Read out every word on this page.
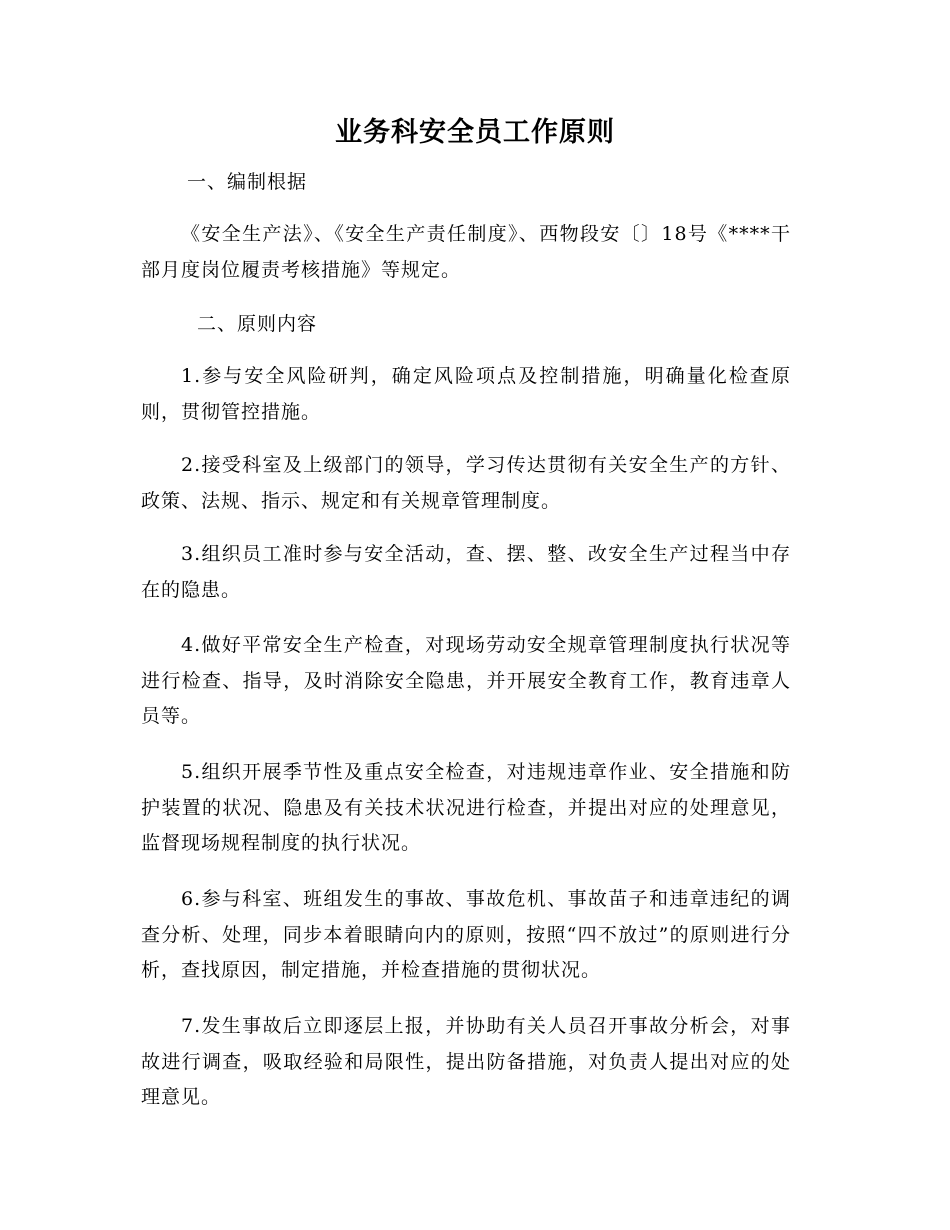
业务科安全员工作原则
一、编制根据
《安全生产法》、《安全生产责任制度》、西物段安〔〕18号《****干部月度岗位履责考核措施》等规定。
二、原则内容
1.参与安全风险研判，确定风险项点及控制措施，明确量化检查原则，贯彻管控措施。
2.接受科室及上级部门的领导，学习传达贯彻有关安全生产的方针、政策、法规、指示、规定和有关规章管理制度。
3.组织员工准时参与安全活动，查、摆、整、改安全生产过程当中存在的隐患。
4.做好平常安全生产检查，对现场劳动安全规章管理制度执行状况等进行检查、指导，及时消除安全隐患，并开展安全教育工作，教育违章人员等。
5.组织开展季节性及重点安全检查，对违规违章作业、安全措施和防护装置的状况、隐患及有关技术状况进行检查，并提出对应的处理意见，监督现场规程制度的执行状况。
6.参与科室、班组发生的事故、事故危机、事故苗子和违章违纪的调查分析、处理，同步本着眼睛向内的原则，按照“四不放过”的原则进行分析，查找原因，制定措施，并检查措施的贯彻状况。
7.发生事故后立即逐层上报，并协助有关人员召开事故分析会，对事故进行调查，吸取经验和局限性，提出防备措施，对负责人提出对应的处理意见。
